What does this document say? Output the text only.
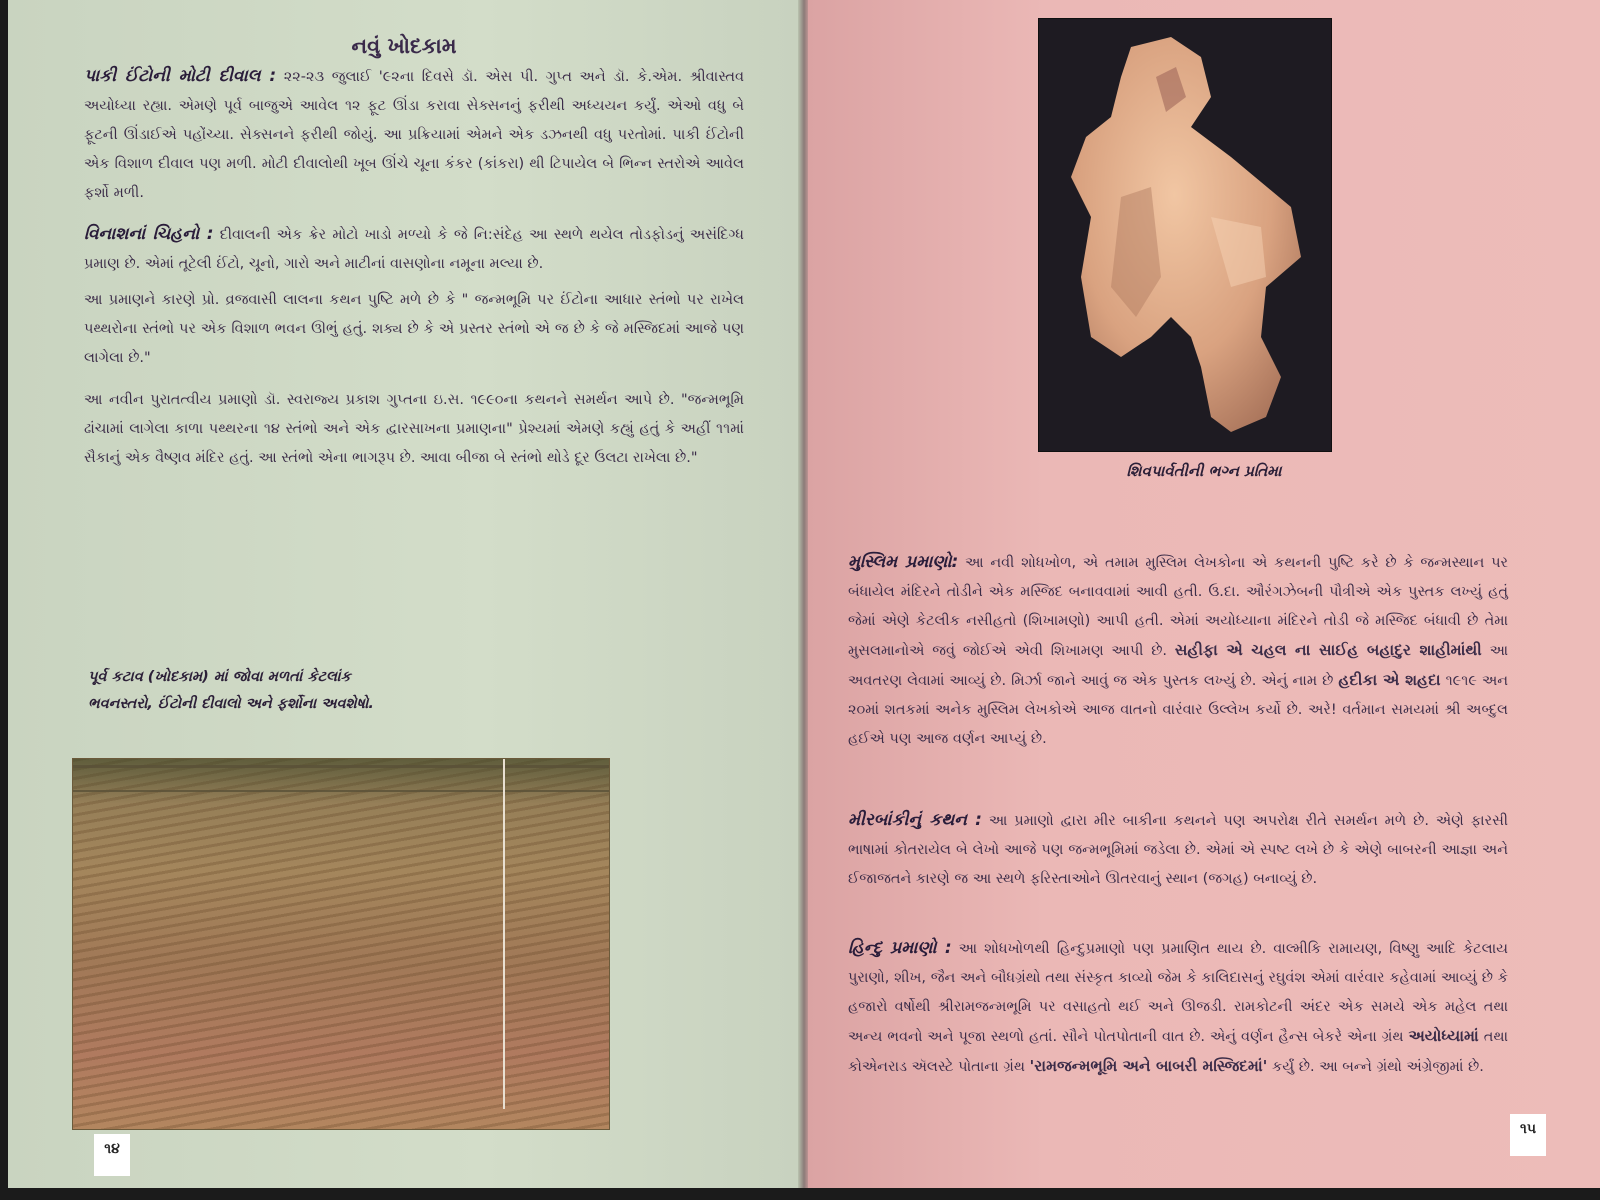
નવું ખોદકામ

પાકી ઈંટોની મોટી દીવાલ : ૨૨-૨૩ જુલાઈ '૯૨ના દિવસે ડૉ. એસ પી. ગુપ્ત અને ડૉ. કે.એમ. શ્રીવાસ્તવ અયોધ્યા રહ્યા. એમણે પૂર્વ બાજુએ આવેલ ૧૨ ફૂટ ઊંડા કરાવા સેક્સનનું ફરીથી અધ્યયન કર્યું. એઓ વધુ બે ફૂટની ઊંડાઈએ પહોંચ્યા. સેક્સનને ફરીથી જોયું. આ પ્રક્રિયામાં એમને એક ડઝનથી વધુ પરતોમાં. પાકી ઈંટોની એક વિશાળ દીવાલ પણ મળી. મોટી દીવાલોથી ખૂબ ઊંચે ચૂના કંકર (કાંકરા) થી ટિપાયેલ બે ભિન્ન સ્તરોએ આવેલ ફર્શો મળી.

વિનાશનાં ચિહનો : દીવાલની એક ક્રેર મોટો ખાડો મળ્યો કે જે નિ:સંદેહ આ સ્થળે થયેલ તોડફોડનું અસંદિગ્ધ પ્રમાણ છે. એમાં તૂટેલી ઈંટો, ચૂનો, ગારો અને માટીનાં વાસણોના નમૂના મલ્યા છે.

આ પ્રમાણને કારણે પ્રો. વ્રજવાસી લાલના કથન પુષ્ટિ મળે છે કે " જન્મભૂમિ પર ઈંટોના આધાર સ્તંભો પર રાખેલ પથ્થરોના સ્તંભો પર એક વિશાળ ભવન ઊભું હતું. શક્ય છે કે એ પ્રસ્તર સ્તંભો એ જ છે કે જે મસ્જિદમાં આજે પણ લાગેલા છે."

આ નવીન પુરાતત્વીય પ્રમાણો ડૉ. સ્વરાજ્ય પ્રકાશ ગુપ્તના ઇ.સ. ૧૯૯૦ના કથનને સમર્થન આપે છે. "જન્મભૂમિ ઢાંચામાં લાગેલા કાળા પથ્થરના ૧૪ સ્તંભો અને એક દ્વારસાખના પ્રમાણના" પ્રેશ્યમાં એમણે કહ્યું હતું કે અહીં ૧૧માં સૈકાનું એક વૈષ્ણવ મંદિર હતું. આ સ્તંભો એના ભાગરૂપ છે. આવા બીજા બે સ્તંભો થોડે દૂર ઉલટા રાખેલા છે."

પૂર્વ કટાવ (ખોદકામ) માં જોવા મળતાં કેટલાંક ભવનસ્તરો, ઈંટોની દીવાલો અને ફર્શોના અવશેષો.
૧૪
શિવપાર્વતીની ભગ્ન પ્રતિમા

મુસ્લિમ પ્રમાણો: આ નવી શોધખોળ, એ તમામ મુસ્લિમ લેખકોના એ કથનની પુષ્ટિ કરે છે કે જન્મસ્થાન પર બંધાયેલ મંદિરને તોડીને એક મસ્જિદ બનાવવામાં આવી હતી. ઉ.દા. ઔરંગઝેબની પૌત્રીએ એક પુસ્તક લખ્યું હતું જેમાં એણે કેટલીક નસીહતો (શિખામણો) આપી હતી. એમાં અયોધ્યાના મંદિરને તોડી જે મસ્જિદ બંધાવી છે તેમા મુસલમાનોએ જવું જોઈએ એવી શિખામણ આપી છે. સહીફા એ ચહલ ના સાઈહ બહાદુર શાહીમાંથી આ અવતરણ લેવામાં આવ્યું છે. મિર્ઝા જાને આવું જ એક પુસ્તક લખ્યું છે. એનું નામ છે હદીકા એ શહદા ૧૯૧૯ અન ૨૦માં શતકમાં અનેક મુસ્લિમ લેખકોએ આજ વાતનો વારંવાર ઉલ્લેખ કર્યો છે. અરે! વર્તમાન સમયમાં શ્રી અબ્દુલ હઈએ પણ આજ વર્ણન આપ્યું છે.

મીરબાંકીનું કથન : આ પ્રમાણો દ્વારા મીર બાકીના કથનને પણ અપરોક્ષ રીતે સમર્થન મળે છે. એણે ફારસી ભાષામાં કોતરાયેલ બે લેખો આજે પણ જન્મભૂમિમાં જડેલા છે. એમાં એ સ્પષ્ટ લખે છે કે એણે બાબરની આજ્ઞા અને ઈજાજતને કારણે જ આ સ્થળે ફરિસ્તાઓને ઊતરવાનું સ્થાન (જગહ) બનાવ્યું છે.

હિન્દુ પ્રમાણો : આ શોધખોળથી હિન્દુપ્રમાણો પણ પ્રમાણિત થાય છે. વાલ્મીકિ રામાયણ, વિષ્ણુ આદિ કેટલાય પુરાણો, શીખ, જૈન અને બૌધગ્રંથો તથા સંસ્કૃત કાવ્યો જેમ કે કાલિદાસનું રઘુવંશ એમાં વારંવાર કહેવામાં આવ્યું છે કે હજારો વર્ષોથી શ્રીરામજન્મભૂમિ પર વસાહતો થઈ અને ઊજડી. રામકોટની અંદર એક સમયે એક મહેલ તથા અન્ય ભવનો અને પૂજા સ્થળો હતાં. સૌને પોતપોતાની વાત છે. એનું વર્ણન હૈન્સ બેકરે એના ગ્રંથ અયોધ્યામાં તથા કોએનરાડ ઍલસ્ટે પોતાના ગ્રંથ 'રામજન્મભૂમિ અને બાબરી મસ્જિદમાં' કર્યું છે. આ બન્ને ગ્રંથો અંગ્રેજીમાં છે.

૧૫
